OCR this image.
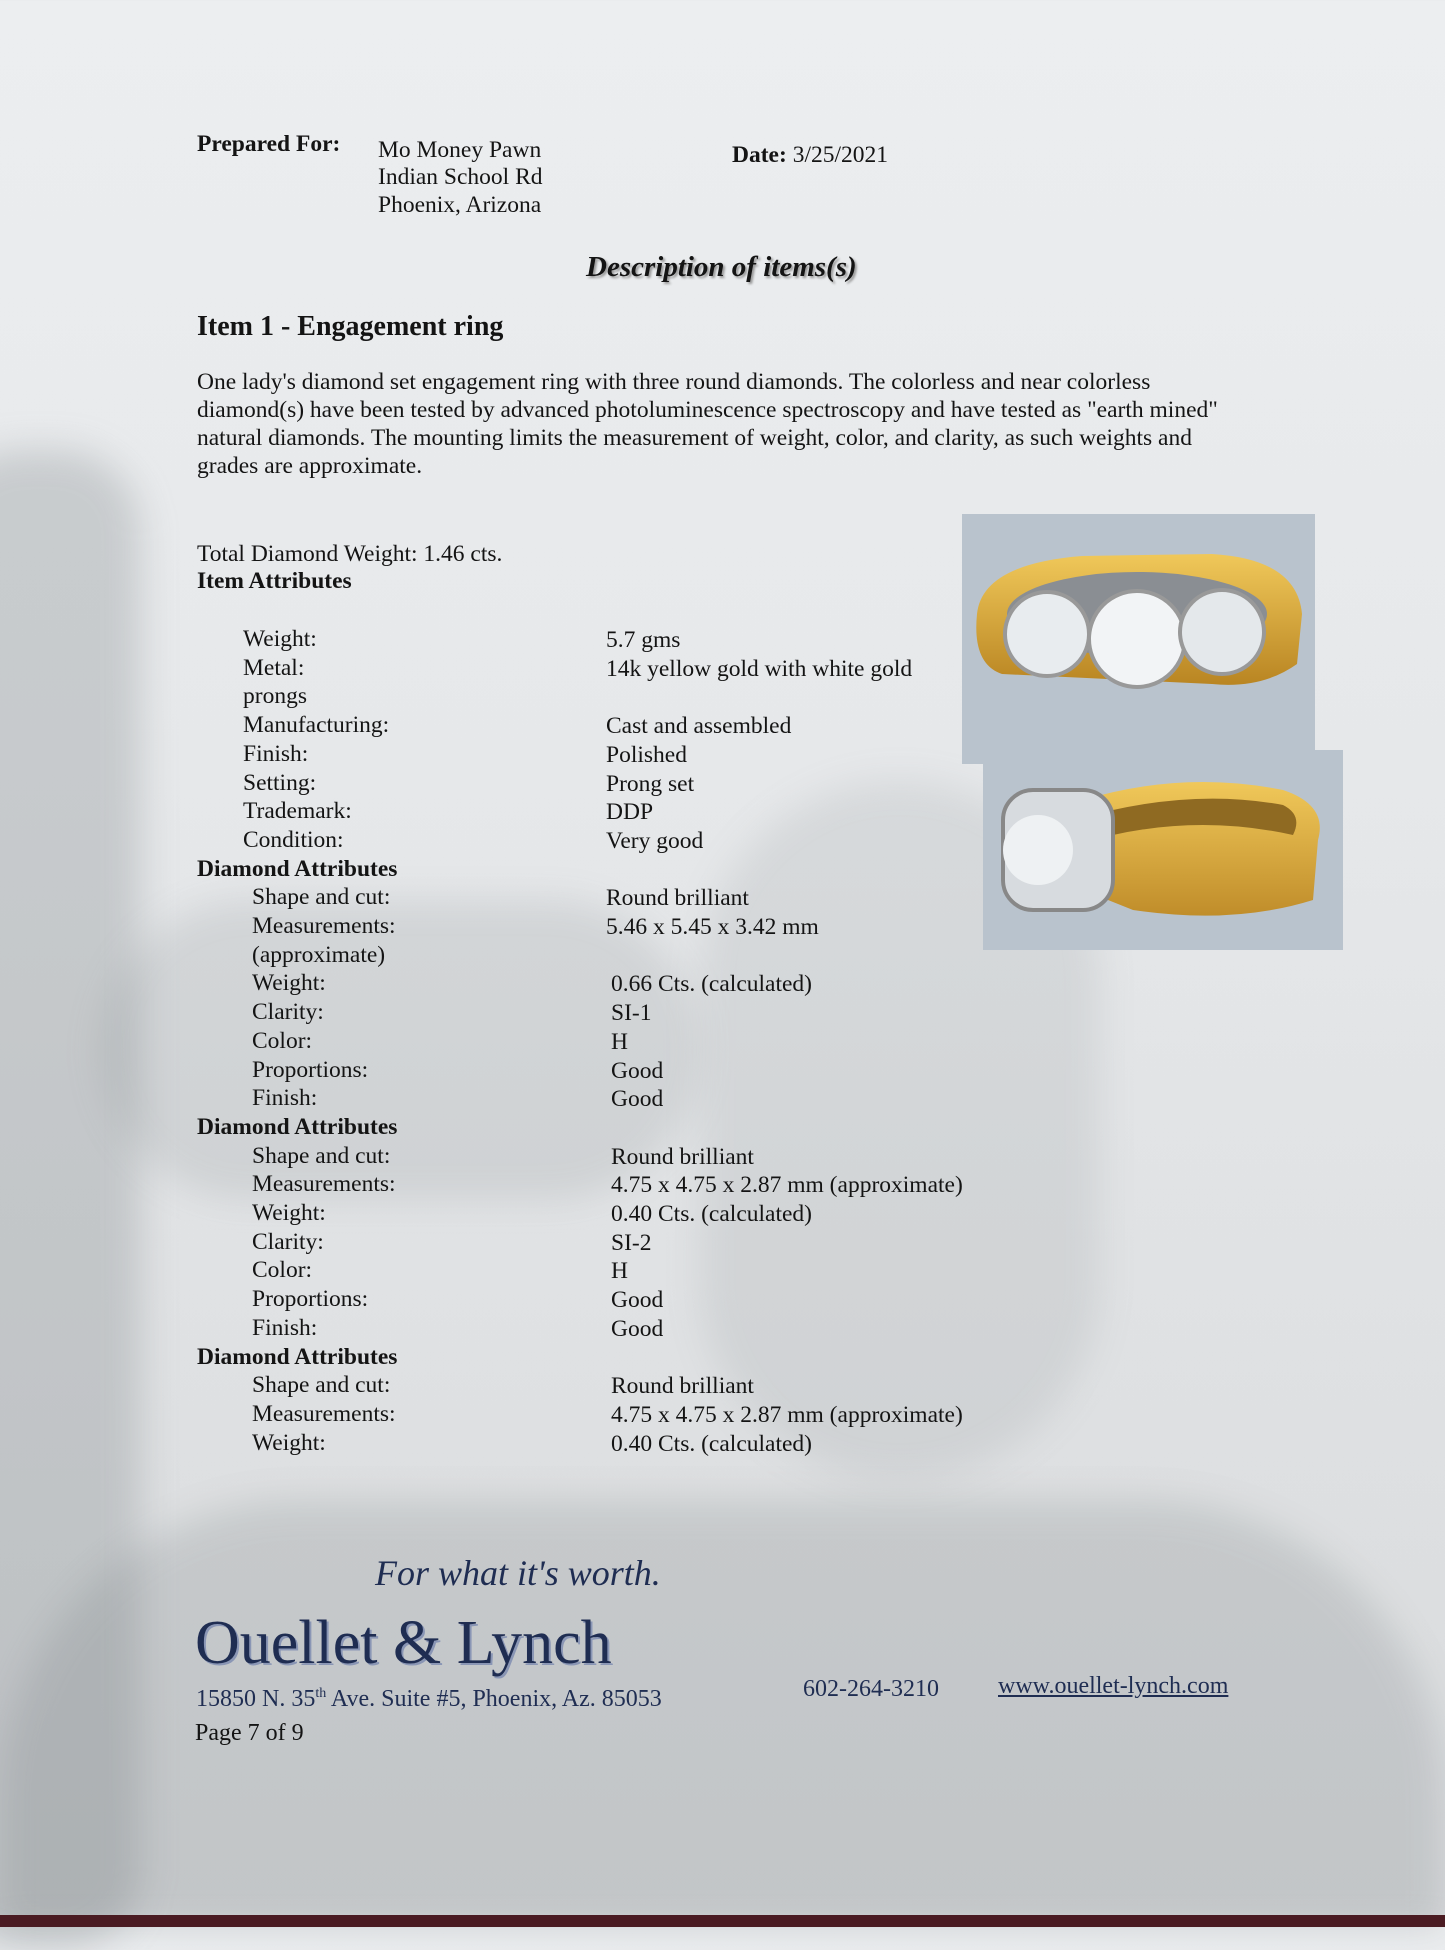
Prepared For: Mo Money Pawn
Indian School Rd
Phoenix, Arizona
Date: 3/25/2021
Description of items(s)
Item 1 - Engagement ring
One lady's diamond set engagement ring with three round diamonds. The colorless and near colorless diamond(s) have been tested by advanced photoluminescence spectroscopy and have tested as "earth mined" natural diamonds. The mounting limits the measurement of weight, color, and clarity, as such weights and grades are approximate.
Total Diamond Weight: 1.46 cts.
Item Attributes
Weight:	5.7 gms
Metal:	14k yellow gold with white gold
prongs
Manufacturing:	Cast and assembled
Finish:	Polished
Setting:	Prong set
Trademark:	DDP
Condition:	Very good
Diamond Attributes
Shape and cut:	Round brilliant
Measurements:	5.46 x 5.45 x 3.42 mm
(approximate)
Weight:	0.66 Cts. (calculated)
Clarity:	SI-1
Color:	H
Proportions:	Good
Finish:	Good
Diamond Attributes
Shape and cut:	Round brilliant
Measurements:	4.75 x 4.75 x 2.87 mm (approximate)
Weight:	0.40 Cts. (calculated)
Clarity:	SI-2
Color:	H
Proportions:	Good
Finish:	Good
Diamond Attributes
Shape and cut:	Round brilliant
Measurements:	4.75 x 4.75 x 2.87 mm (approximate)
Weight:	0.40 Cts. (calculated)
For what it's worth.
Ouellet & Lynch
15850 N. 35th Ave. Suite #5, Phoenix, Az. 85053	602-264-3210 www.ouellet-lynch.com
Page 7 of 9
